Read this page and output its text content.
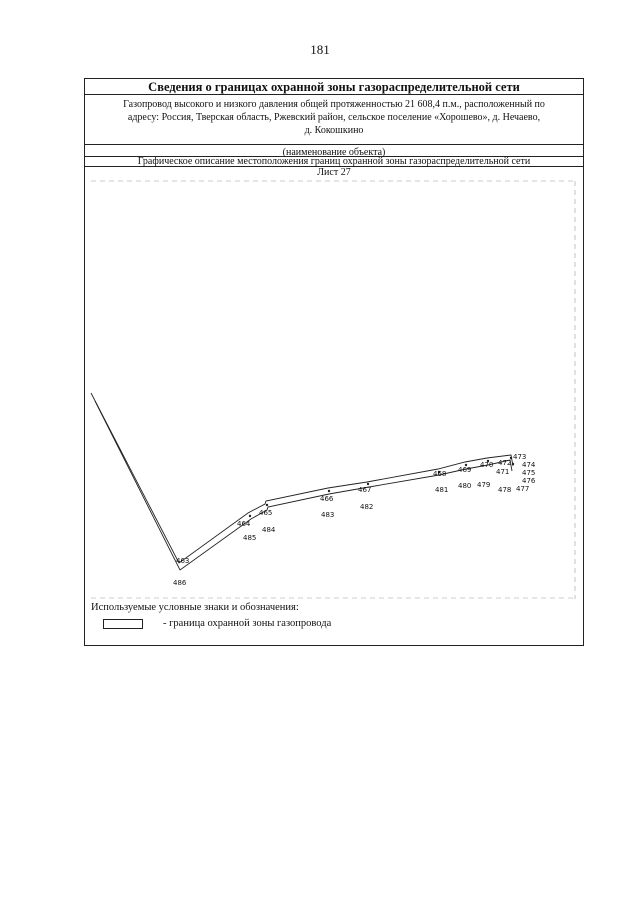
181
Сведения о границах охранной зоны газораспределительной сети
Газопровод высокого и низкого давления общей протяженностью 21 608,4 п.м., расположенный по
адресу: Россия, Тверская область, Ржевский район, сельское поселение «Хорошево», д. Нечаево,
д. Кокошкино
(наименование объекта)
Графическое описание местоположения границ охранной зоны газораспределительной сети
Лист 27
463
464
465
466
467
468 469
470
471
472
473
474
475
476
477
478
479
480
481
482
483
484
485
486
Используемые условные знаки и обозначения:
- граница охранной зоны газопровода
